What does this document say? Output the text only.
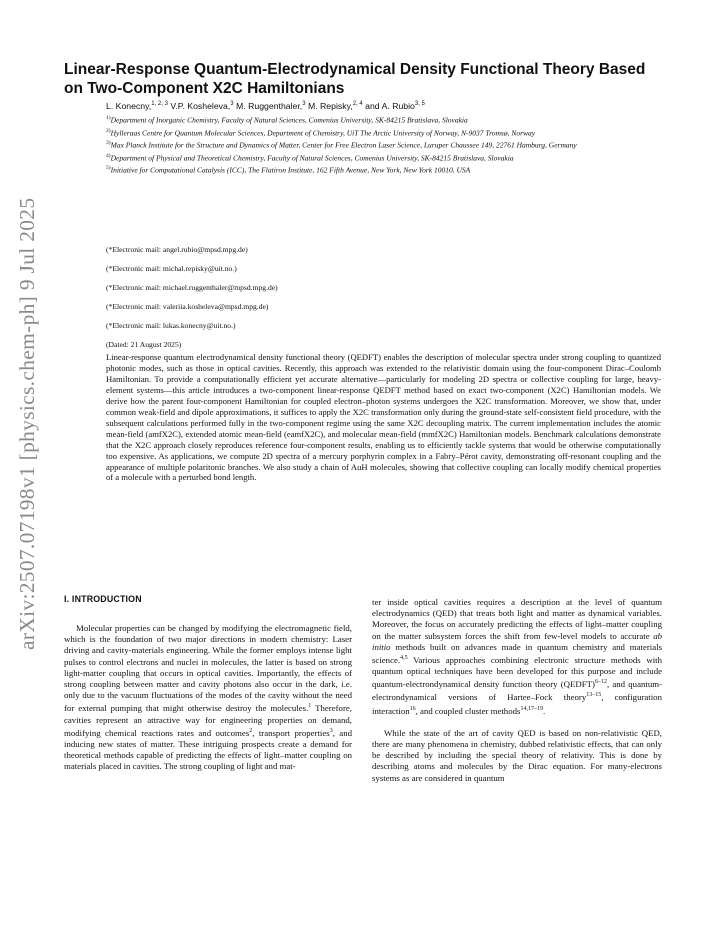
arXiv:2507.07198v1 [physics.chem-ph] 9 Jul 2025
Linear-Response Quantum-Electrodynamical Density Functional Theory Based on Two-Component X2C Hamiltonians
L. Konecny,$^{1, 2, 3}$ V.P. Kosheleva,$^3$ M. Ruggenthaler,$^3$ M. Repisky,$^{2, 4}$ and A. Rubio$^{3, 5}$
$^{1)}$Department of Inorganic Chemistry, Faculty of Natural Sciences, Comenius University, SK-84215 Bratislava, Slovakia
$^{2)}$Hylleraas Centre for Quantum Molecular Sciences, Department of Chemistry, UiT The Arctic University of Norway, N-9037 Tromsø, Norway
$^{3)}$Max Planck Institute for the Structure and Dynamics of Matter, Center for Free Electron Laser Science, Luruper Chaussee 149, 22761 Hamburg, Germany
$^{4)}$Department of Physical and Theoretical Chemistry, Faculty of Natural Sciences, Comenius University, SK-84215 Bratislava, Slovakia
$^{5)}$Initiative for Computational Catalysis (ICC), The Flatiron Institute, 162 Fifth Avenue, New York, New York 10010, USA
(*Electronic mail: angel.rubio@mpsd.mpg.de)
(*Electronic mail: michal.repisky@uit.no.)
(*Electronic mail: michael.ruggenthaler@mpsd.mpg.de)
(*Electronic mail: valeriia.kosheleva@mpsd.mpg.de)
(*Electronic mail: lukas.konecny@uit.no.)
(Dated: 21 August 2025)
Linear-response quantum electrodynamical density functional theory (QEDFT) enables the description of molecular spectra under strong coupling to quantized photonic modes, such as those in optical cavities. Recently, this approach was extended to the relativistic domain using the four-component Dirac–Coulomb Hamiltonian. To provide a computationally efficient yet accurate alternative—particularly for modeling 2D spectra or collective coupling for large, heavy-element systems—this article introduces a two-component linear-response QEDFT method based on exact two-component (X2C) Hamiltonian models. We derive how the parent four-component Hamiltonian for coupled electron–photon systems undergoes the X2C transformation. Moreover, we show that, under common weak-field and dipole approximations, it suffices to apply the X2C transformation only during the ground-state self-consistent field procedure, with the subsequent calculations performed fully in the two-component regime using the same X2C decoupling matrix. The current implementation includes the atomic mean-field (amfX2C), extended atomic mean-field (eamfX2C), and molecular mean-field (mmfX2C) Hamiltonian models. Benchmark calculations demonstrate that the X2C approach closely reproduces reference four-component results, enabling us to efficiently tackle systems that would be otherwise computationally too expensive. As applications, we compute 2D spectra of a mercury porphyrin complex in a Fabry–Pérot cavity, demonstrating off-resonant coupling and the appearance of multiple polaritonic branches. We also study a chain of AuH molecules, showing that collective coupling can locally modify chemical properties of a molecule with a perturbed bond length.
I. INTRODUCTION

Molecular properties can be changed by modifying the electromagnetic field, which is the foundation of two major directions in modern chemistry: Laser driving and cavity-materials engineering. While the former employs intense light pulses to control electrons and nuclei in molecules, the latter is based on strong light-matter coupling that occurs in optical cavities. Importantly, the effects of strong coupling between matter and cavity photons also occur in the dark, i.e. only due to the vacuum fluctuations of the modes of the cavity without the need for external pumping that might otherwise destroy the molecules.$^1$ Therefore, cavities represent an attractive way for engineering properties on demand, modifying chemical reactions rates and outcomes$^2$, transport properties$^3$, and inducing new states of matter. These intriguing prospects create a demand for theoretical methods capable of predicting the effects of light–matter coupling on materials placed in cavities. The strong coupling of light and mat-

ter inside optical cavities requires a description at the level of quantum electrodynamics (QED) that treats both light and matter as dynamical variables. Moreover, the focus on accurately predicting the effects of light–matter coupling on the matter subsystem forces the shift from few-level models to accurate ab initio methods built on advances made in quantum chemistry and materials science.$^{4,5}$ Various approaches combining electronic structure methods with quantum optical techniques have been developed for this purpose and include quantum-electrondynamical density function theory (QEDFT)$^{6-12}$, and quantum-electrondynamical versions of Hartee–Fock theory$^{13-15}$, configuration interaction$^{16}$, and coupled cluster methods$^{14,17-19}$.

While the state of the art of cavity QED is based on non-relativistic QED, there are many phenomena in chemistry, dubbed relativistic effects, that can only be described by including the special theory of relativity. This is done by describing atoms and molecules by the Dirac equation. For many-electrons systems as are considered in quantum
